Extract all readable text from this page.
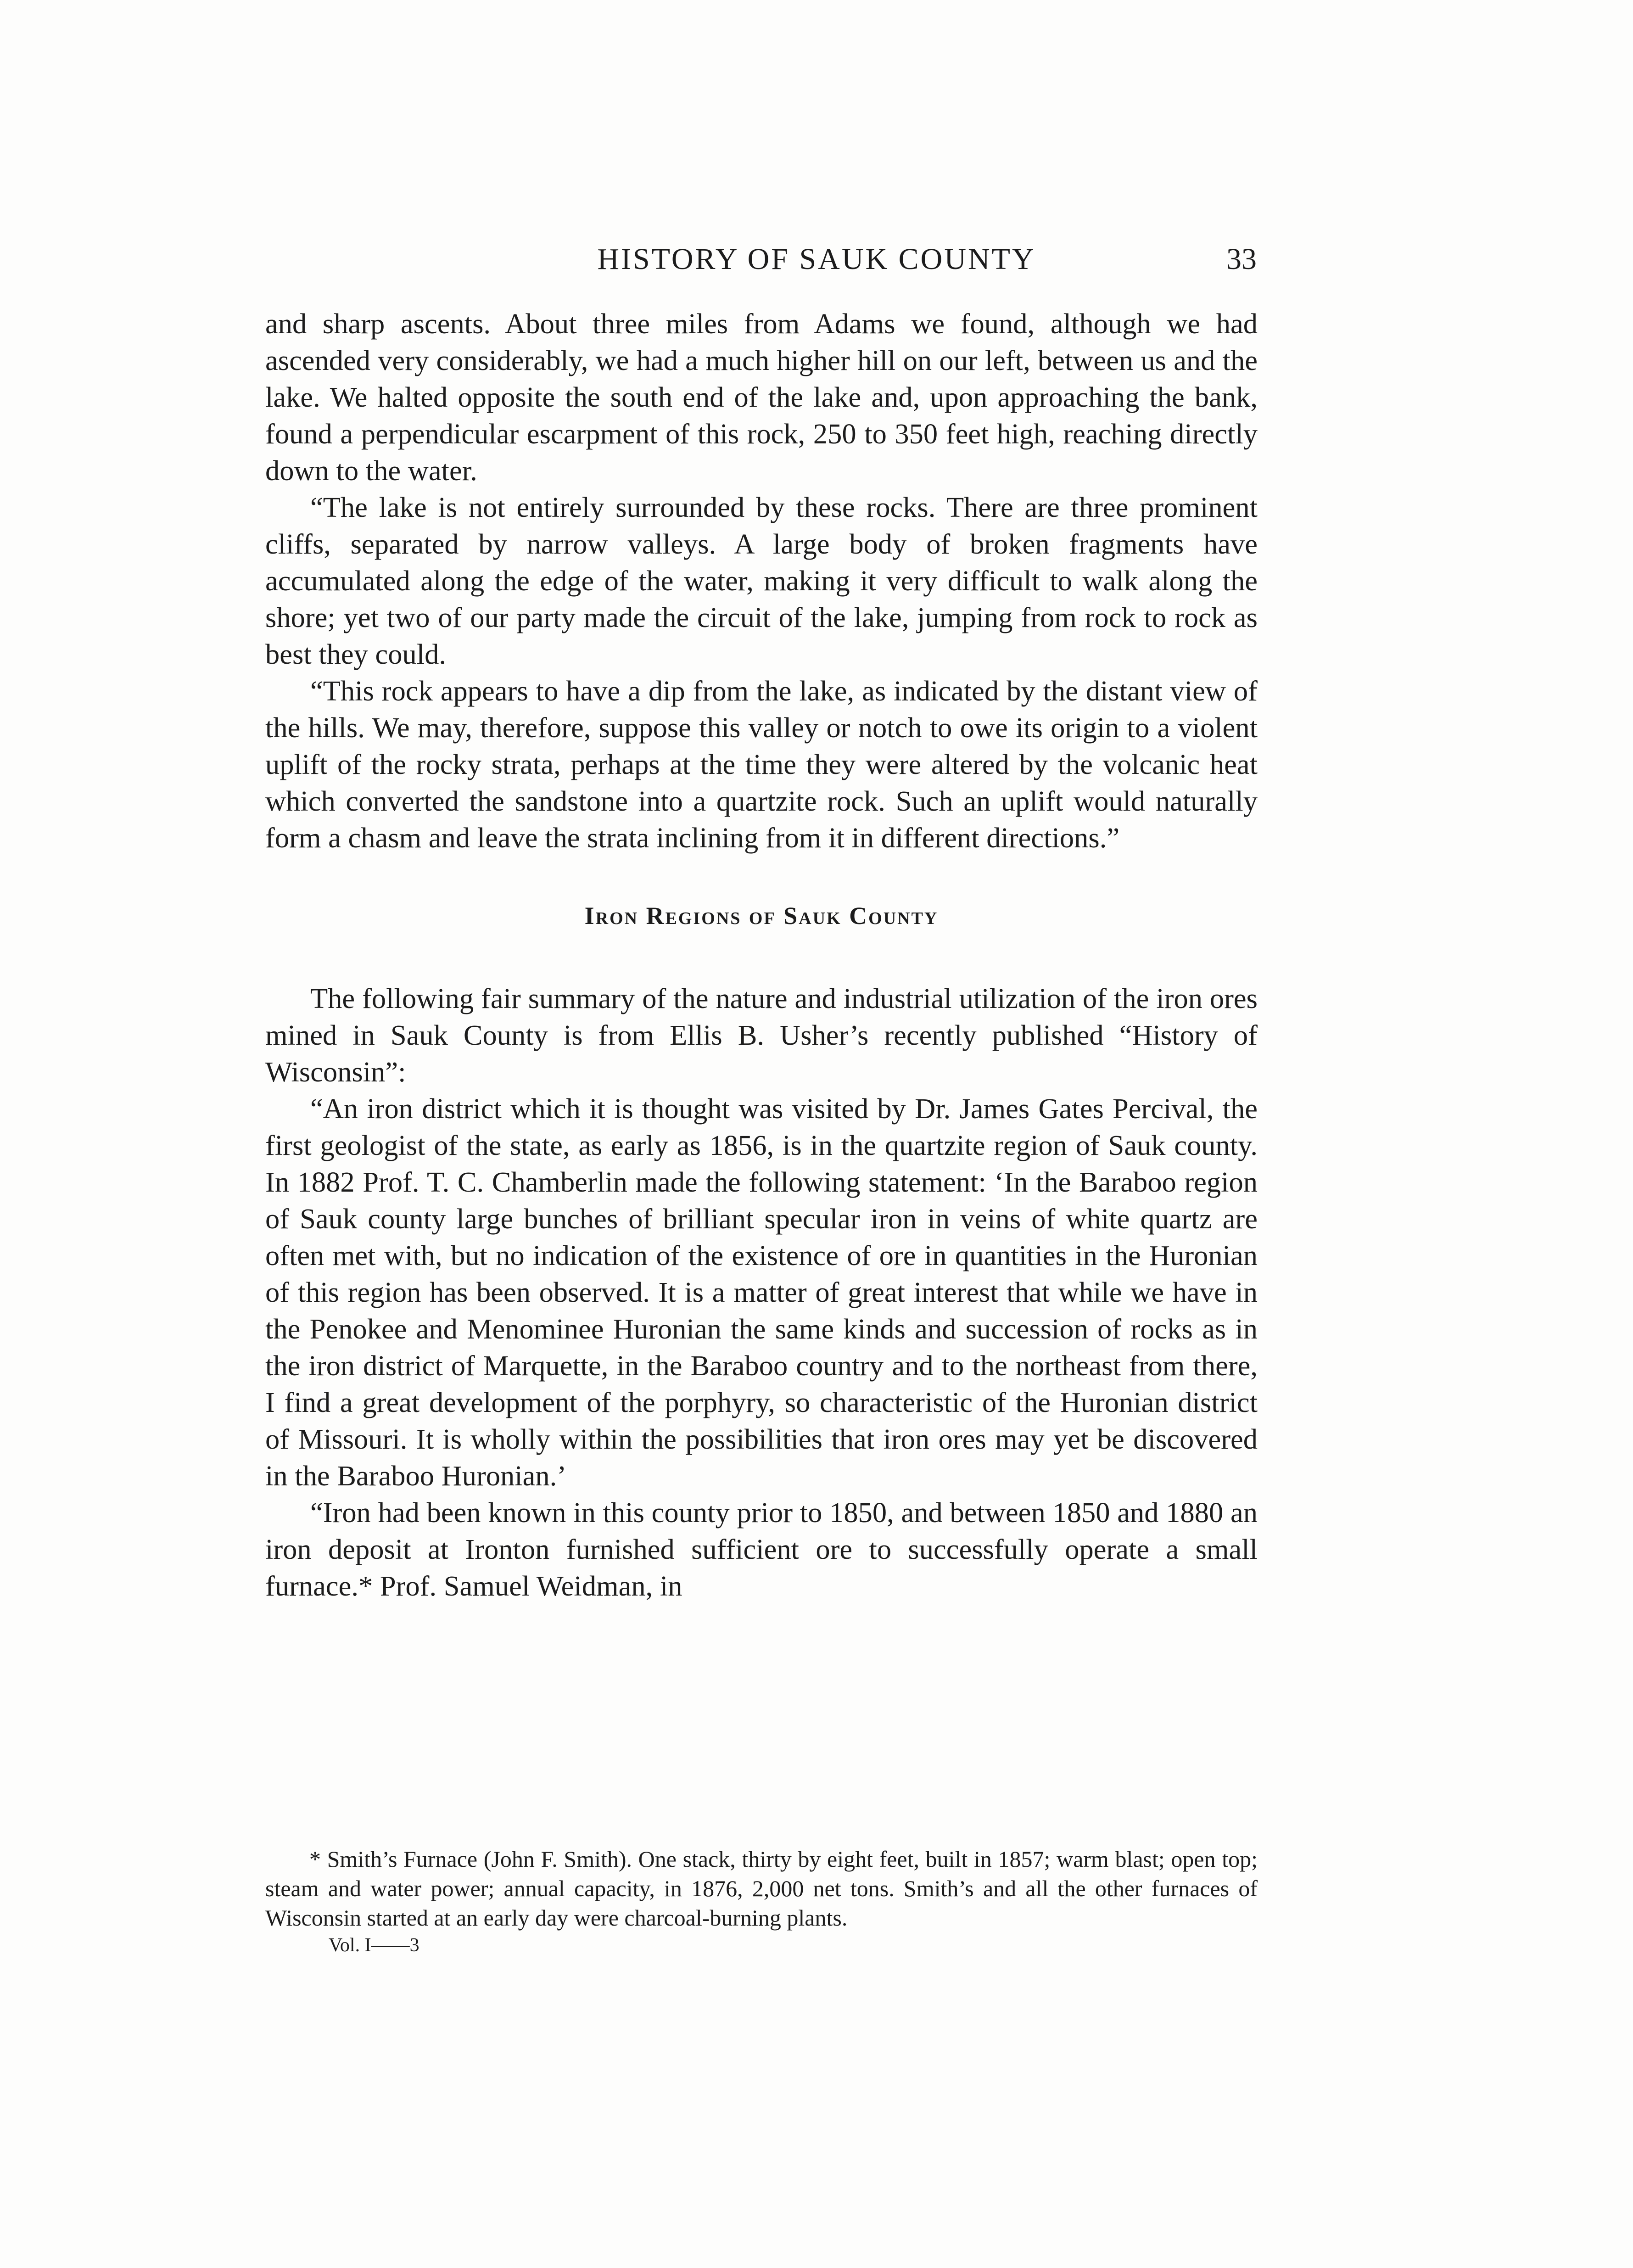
HISTORY OF SAUK COUNTY	33

and sharp ascents. About three miles from Adams we found, although we had ascended very considerably, we had a much higher hill on our left, between us and the lake. We halted opposite the south end of the lake and, upon approaching the bank, found a perpendicular escarpment of this rock, 250 to 350 feet high, reaching directly down to the water.

“The lake is not entirely surrounded by these rocks. There are three prominent cliffs, separated by narrow valleys. A large body of broken fragments have accumulated along the edge of the water, making it very difficult to walk along the shore; yet two of our party made the circuit of the lake, jumping from rock to rock as best they could.

“This rock appears to have a dip from the lake, as indicated by the distant view of the hills. We may, therefore, suppose this valley or notch to owe its origin to a violent uplift of the rocky strata, perhaps at the time they were altered by the volcanic heat which converted the sandstone into a quartzite rock. Such an uplift would naturally form a chasm and leave the strata inclining from it in different directions.”

Iron Regions of Sauk County

The following fair summary of the nature and industrial utilization of the iron ores mined in Sauk County is from Ellis B. Usher’s recently published “History of Wisconsin”:

“An iron district which it is thought was visited by Dr. James Gates Percival, the first geologist of the state, as early as 1856, is in the quartzite region of Sauk county. In 1882 Prof. T. C. Chamberlin made the following statement: ‘In the Baraboo region of Sauk county large bunches of brilliant specular iron in veins of white quartz are often met with, but no indication of the existence of ore in quantities in the Huronian of this region has been observed. It is a matter of great interest that while we have in the Penokee and Menominee Huronian the same kinds and succession of rocks as in the iron district of Marquette, in the Baraboo country and to the northeast from there, I find a great development of the porphyry, so characteristic of the Huronian district of Missouri. It is wholly within the possibilities that iron ores may yet be discovered in the Baraboo Huronian.’

“Iron had been known in this county prior to 1850, and between 1850 and 1880 an iron deposit at Ironton furnished sufficient ore to successfully operate a small furnace.* Prof. Samuel Weidman, in

* Smith’s Furnace (John F. Smith). One stack, thirty by eight feet, built in 1857; warm blast; open top; steam and water power; annual capacity, in 1876, 2,000 net tons. Smith’s and all the other furnaces of Wisconsin started at an early day were charcoal-burning plants.

Vol. I——3
